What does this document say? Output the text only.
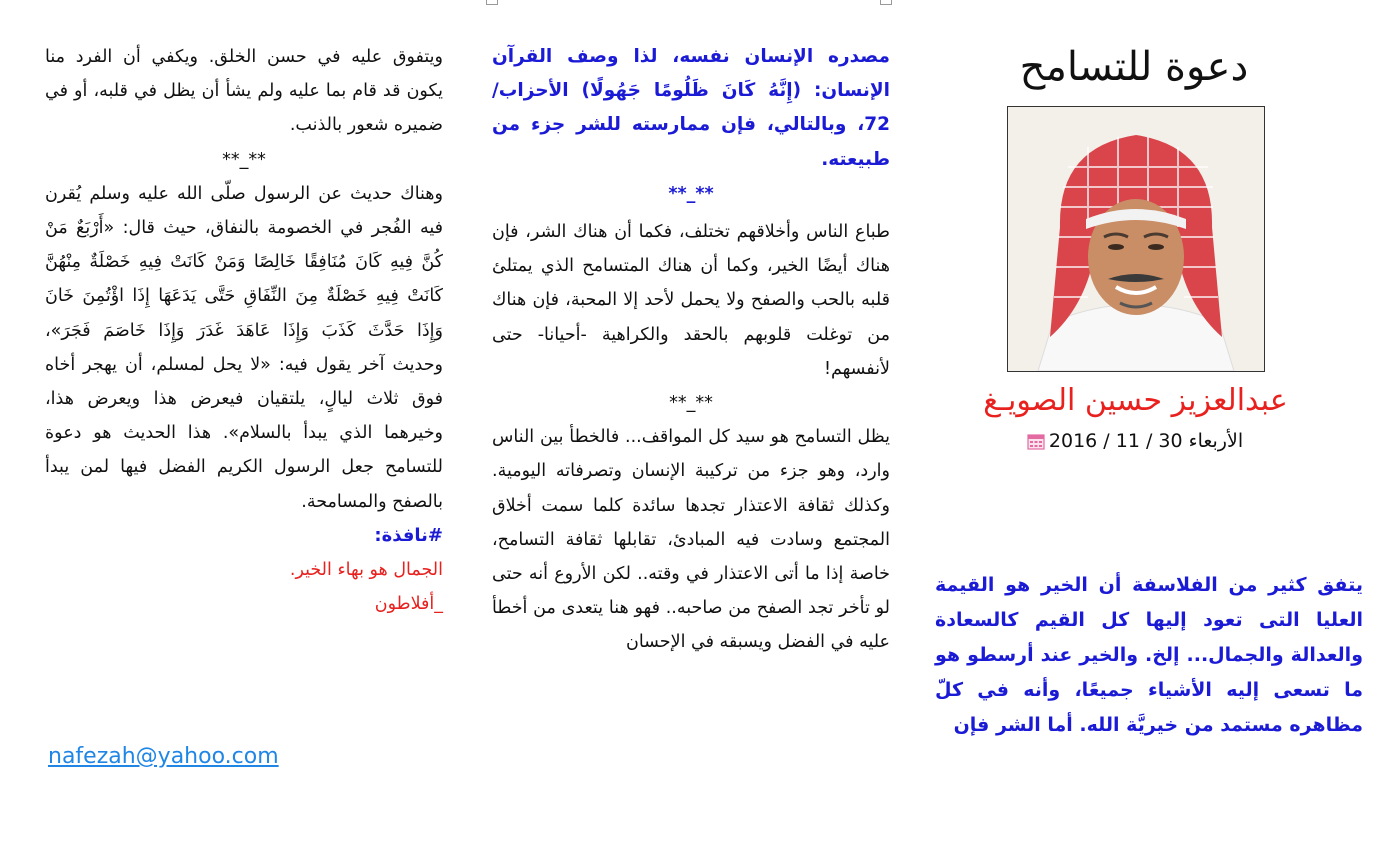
دعوة للتسامح
عبدالعزيز حسين الصويـغ
الأربعاء 30 / 11 / 2016
يتفق كثير من الفلاسفة أن الخير هو القيمة العليا التى تعود إليها كل القيم كالسعادة والعدالة والجمال... إلخ. والخير عند أرسطو هو ما تسعى إليه الأشياء جميعًا، وأنه في كلّ مظاهره مستمد من خيريَّة الله. أما الشر فإن

مصدره الإنسان نفسه، لذا وصف القرآن الإنسان: (إِنَّهُ كَانَ ظَلُومًا جَهُولًا) الأحزاب/ 72، وبالتالي، فإن ممارسته للشر جزء من طبيعته.

**_**

طباع الناس وأخلاقهم تختلف، فكما أن هناك الشر، فإن هناك أيضًا الخير، وكما أن هناك المتسامح الذي يمتلئ قلبه بالحب والصفح ولا يحمل لأحد إلا المحبة، فإن هناك من توغلت قلوبهم بالحقد والكراهية -أحيانا- حتى لأنفسهم!

**_**

يظل التسامح هو سيد كل المواقف... فالخطأ بين الناس وارد، وهو جزء من تركيبة الإنسان وتصرفاته اليومية. وكذلك ثقافة الاعتذار تجدها سائدة كلما سمت أخلاق المجتمع وسادت فيه المبادئ، تقابلها ثقافة التسامح، خاصة إذا ما أتى الاعتذار في وقته.. لكن الأروع أنه حتى لو تأخر تجد الصفح من صاحبه.. فهو هنا يتعدى من أخطأ عليه في الفضل ويسبقه في الإحسان

ويتفوق عليه في حسن الخلق. ويكفي أن الفرد منا يكون قد قام بما عليه ولم يشأ أن يظل في قلبه، أو في ضميره شعور بالذنب.

**_**

وهناك حديث عن الرسول صلّى الله عليه وسلم يُقرن فيه الفُجر في الخصومة بالنفاق، حيث قال: «أَرْبَعٌ مَنْ كُنَّ فِيهِ كَانَ مُنَافِقًا خَالِصًا وَمَنْ كَانَتْ فِيهِ خَصْلَةٌ مِنْهُنَّ كَانَتْ فِيهِ خَصْلَةٌ مِنَ النِّفَاقِ حَتَّى يَدَعَهَا إِذَا اؤْتُمِنَ خَانَ وَإِذَا حَدَّثَ كَذَبَ وَإِذَا عَاهَدَ غَدَرَ وَإِذَا خَاصَمَ فَجَرَ»، وحديث آخر يقول فيه: «لا يحل لمسلم، أن يهجر أخاه فوق ثلاث ليالٍ، يلتقيان فيعرض هذا ويعرض هذا، وخيرهما الذي يبدأ بالسلام». هذا الحديث هو دعوة للتسامح جعل الرسول الكريم الفضل فيها لمن يبدأ بالصفح والمسامحة.

#نافذة:

الجمال هو بهاء الخير.

_أفلاطون

nafezah@yahoo.com
